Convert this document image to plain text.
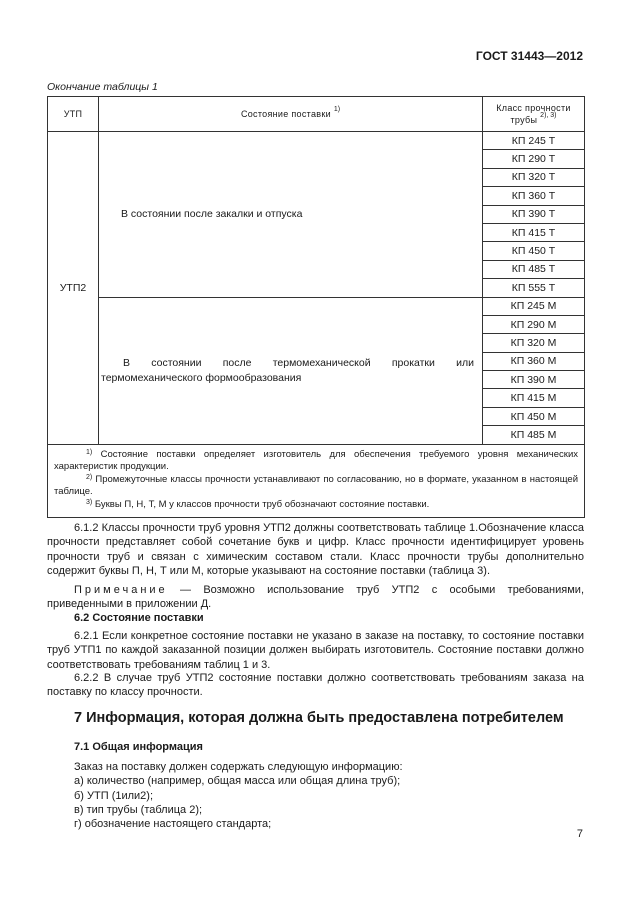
ГОСТ 31443—2012
Окончание таблицы 1
УТП	Состояние поставки $^{1)}$	Класс прочности
трубы $^{2), 3)}$
УТП2	В состоянии после закалки и отпуска	КП 245 Т
		КП 290 Т
		КП 320 Т
		КП 360 Т
		КП 390 Т
		КП 415 Т
		КП 450 Т
		КП 485 Т
		КП 555 Т
	В состоянии после термомеханической прокатки или термомеханического формообразования	КП 245 М
		КП 290 М
		КП 320 М
		КП 360 М
		КП 390 М
		КП 415 М
		КП 450 М
		КП 485 М

$^{1)}$ Состояние поставки определяет изготовитель для обеспечения требуемого уровня механических характеристик продукции.

$^{2)}$ Промежуточные классы прочности устанавливают по согласованию, но в формате, указанном в настоящей таблице.

$^{3)}$ Буквы П, Н, Т, М у классов прочности труб обозначают состояние поставки.		

6.1.2 Классы прочности труб уровня УТП2 должны соответствовать таблице 1.Обозначение класса прочности представляет собой сочетание букв и цифр. Класс прочности идентифицирует уровень прочности труб и связан с химическим составом стали. Класс прочности трубы дополнительно содержит буквы П, Н, Т или М, которые указывают на состояние поставки (таблица 3).

Примечание — Возможно использование труб УТП2 с особыми требованиями, приведенными в приложении Д.

6.2 Состояние поставки

6.2.1 Если конкретное состояние поставки не указано в заказе на поставку, то состояние поставки труб УТП1 по каждой заказанной позиции должен выбирать изготовитель. Состояние поставки должно соответствовать требованиям таблиц 1 и 3.

6.2.2 В случае труб УТП2 состояние поставки должно соответствовать требованиям заказа на поставку по классу прочности.

7 Информация, которая должна быть предоставлена потребителем
7.1 Общая информация

Заказ на поставку должен содержать следующую информацию:

а) количество (например, общая масса или общая длина труб);

б) УТП (1или2);

в) тип трубы (таблица 2);

г) обозначение настоящего стандарта;

7
